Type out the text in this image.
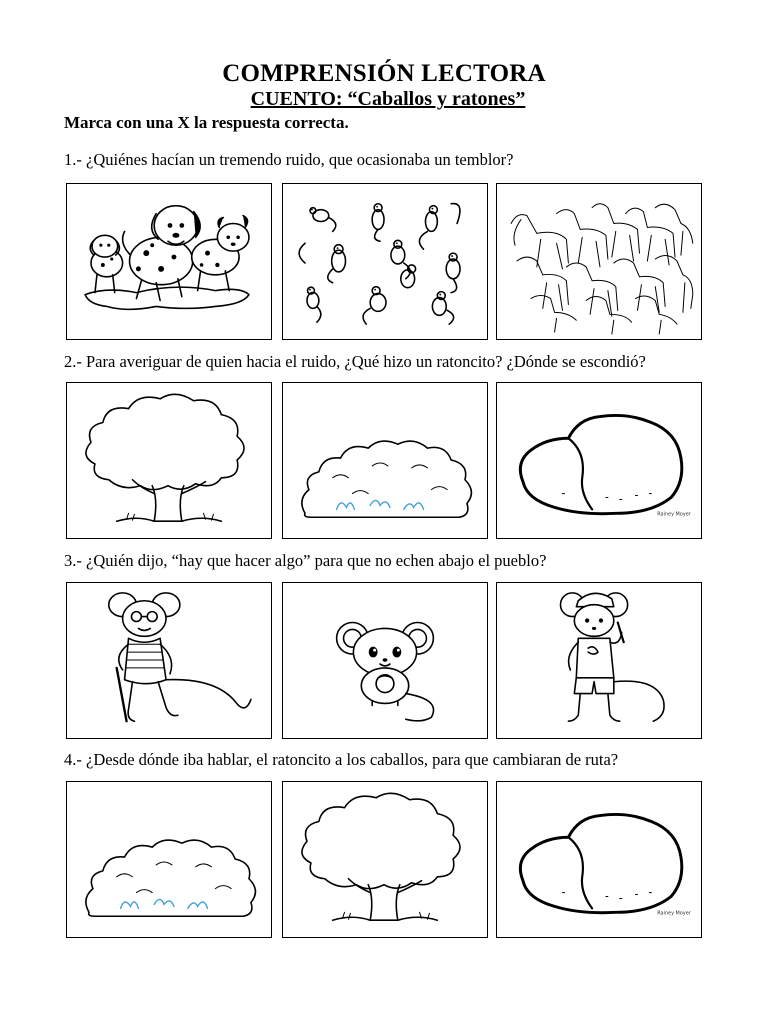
COMPRENSIÓN LECTORA
CUENTO: “Caballos y ratones”
Marca con una X la respuesta correcta.
1.- ¿Quiénes hacían un tremendo ruido, que ocasionaba un temblor?
2.- Para averiguar de quien hacia el ruido, ¿Qué hizo un ratoncito? ¿Dónde se escondió?
Rainey Moyer
3.- ¿Quién dijo, “hay que hacer algo” para que no echen abajo el pueblo?
4.- ¿Desde dónde iba hablar, el ratoncito a los caballos, para que cambiaran de ruta?
Rainey Moyer
